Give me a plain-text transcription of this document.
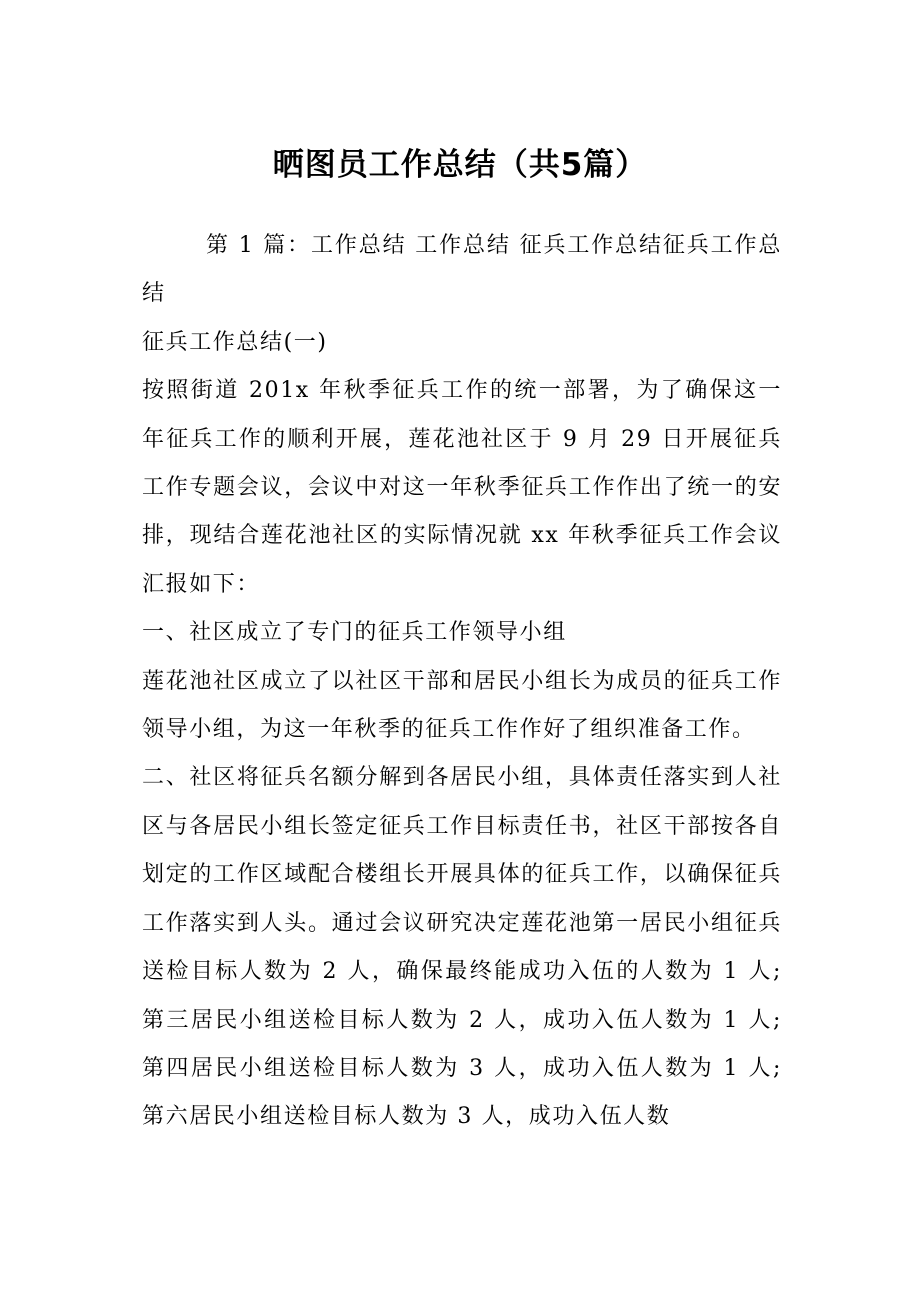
晒图员工作总结（共5篇）

第 1 篇：工作总结 工作总结 征兵工作总结征兵工作总结

征兵工作总结(一)

按照街道 201x 年秋季征兵工作的统一部署，为了确保这一年征兵工作的顺利开展，莲花池社区于 9 月 29 日开展征兵工作专题会议，会议中对这一年秋季征兵工作作出了统一的安排，现结合莲花池社区的实际情况就 xx 年秋季征兵工作会议汇报如下：

一、社区成立了专门的征兵工作领导小组

莲花池社区成立了以社区干部和居民小组长为成员的征兵工作领导小组，为这一年秋季的征兵工作作好了组织准备工作。

二、社区将征兵名额分解到各居民小组，具体责任落实到人社区与各居民小组长签定征兵工作目标责任书，社区干部按各自划定的工作区域配合楼组长开展具体的征兵工作，以确保征兵工作落实到人头。通过会议研究决定莲花池第一居民小组征兵送检目标人数为 2 人，确保最终能成功入伍的人数为 1 人;第三居民小组送检目标人数为 2 人，成功入伍人数为 1 人;第四居民小组送检目标人数为 3 人，成功入伍人数为 1 人;第六居民小组送检目标人数为 3 人，成功入伍人数
